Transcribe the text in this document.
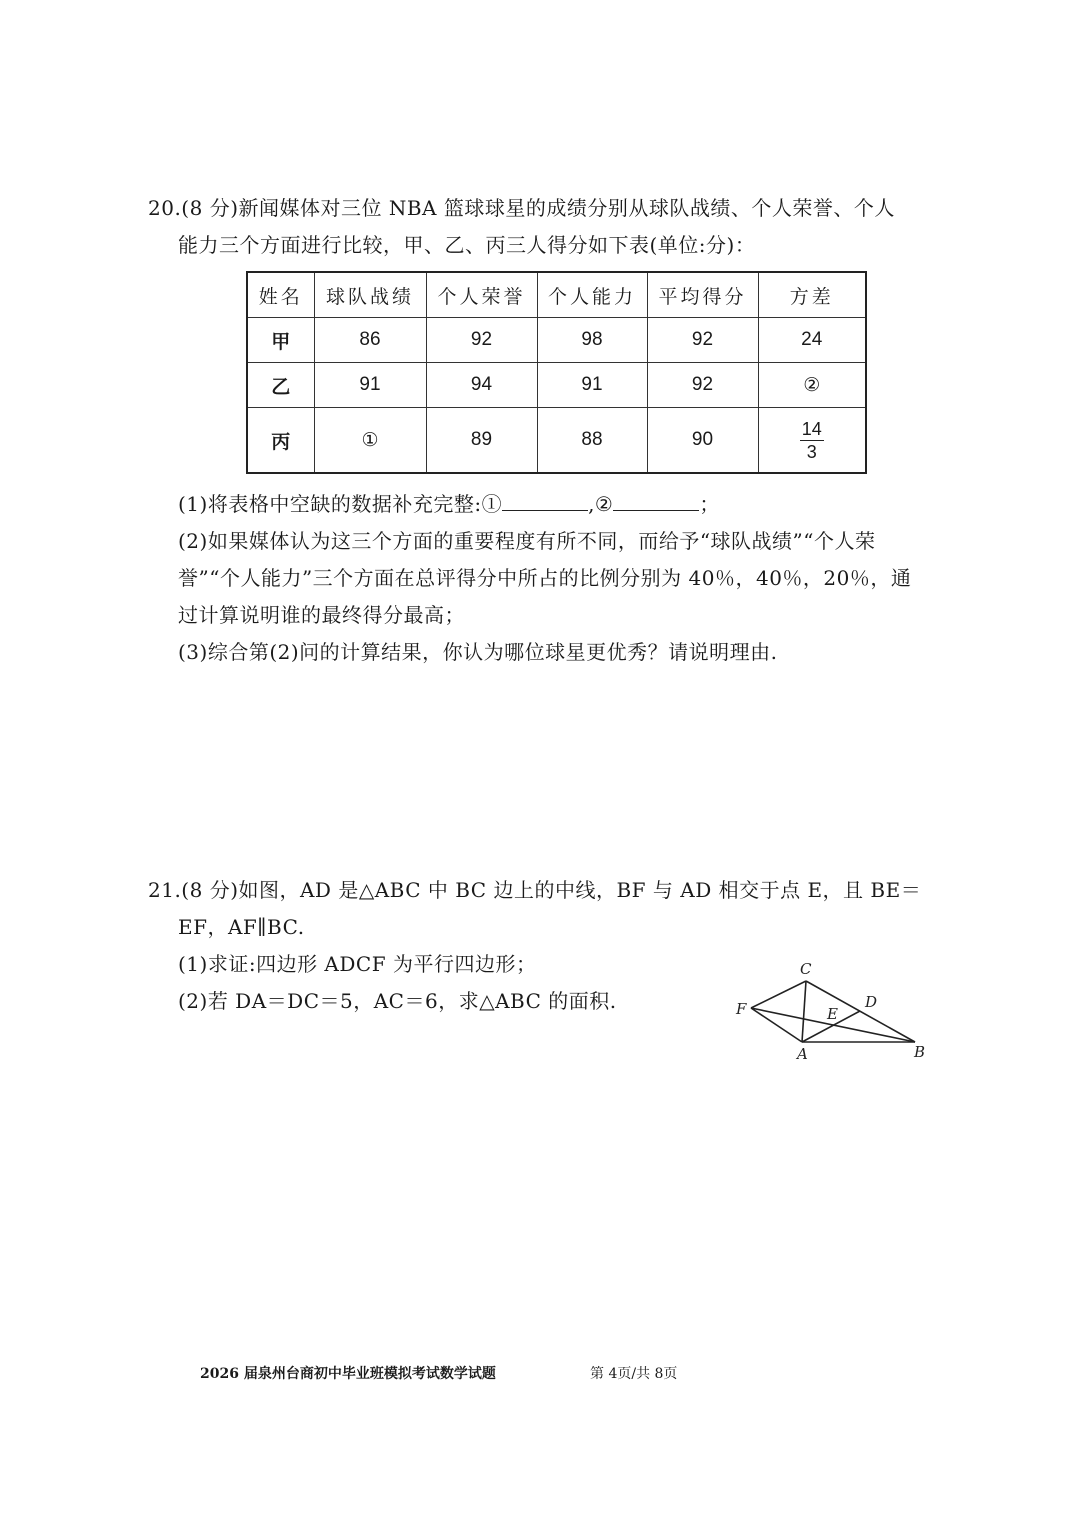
20.(8 分)新闻媒体对三位 NBA 篮球球星的成绩分别从球队战绩、个人荣誉、个人

能力三个方面进行比较，甲、乙、丙三人得分如下表(单位:分)：

姓名	球队战绩	个人荣誉	个人能力	平均得分	方差
甲	86	92	98	92	24
乙	91	94	91	92	②
丙	①	89	88	90	$\frac{14}{3}$

(1)将表格中空缺的数据补充完整:①	,②	；

(2)如果媒体认为这三个方面的重要程度有所不同，而给予“球队战绩”“个人荣

誉”“个人能力”三个方面在总评得分中所占的比例分别为 40％，40％，20％，通

过计算说明谁的最终得分最高；

(3)综合第(2)问的计算结果，你认为哪位球星更优秀？请说明理由.

21.(8 分)如图，AD 是△ABC 中 BC 边上的中线，BF 与 AD 相交于点 E，且 BE＝

EF，AF∥BC.

(1)求证:四边形 ADCF 为平行四边形；

(2)若 DA＝DC＝5，AC＝6，求△ABC 的面积.

C
D
F	E
A	B
2026 届泉州台商初中毕业班模拟考试数学试题	第 4页/共 8页
